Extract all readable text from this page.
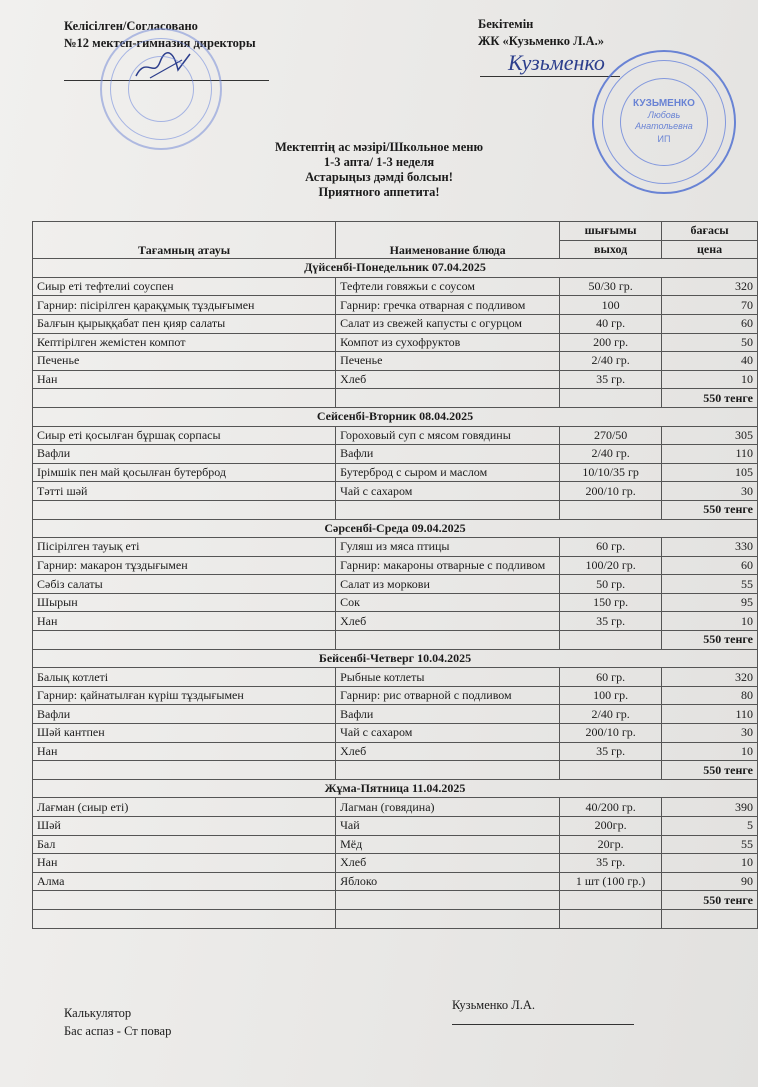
Келісілген/Согласовано
№12 мектеп-гимназия директоры
Бекітемін
ЖК «Кузьменко Л.А.»
Кузьменко
КУЗЬМЕНКО
Любовь
Анатольевна
ИП
Мектептің ас мәзірі/Школьное меню
1-3 апта/ 1-3 неделя
Астарыңыз дәмді болсын!
Приятного аппетита!
Тағамның атауы	Наименование блюда	шығымы	бағасы
		выход	цена
Дүйсенбі-Понедельник 07.04.2025			
Сиыр еті тефтелиі соуспен	Тефтели говяжьи с соусом	50/30 гр.	320
Гарнир: пісірілген қарақұмық тұздығымен	Гарнир: гречка отварная с подливом	100	70
Балғын қырыққабат пен қияр салаты	Салат из свежей капусты с огурцом	40 гр.	60
Кептірілген жемістен компот	Компот из сухофруктов	200 гр.	50
Печенье	Печенье	2/40 гр.	40
Нан	Хлеб	35 гр.	10
			550 тенге
Сейсенбі-Вторник 08.04.2025			
Сиыр еті қосылған бұршақ сорпасы	Гороховый суп с мясом говядины	270/50	305
Вафли	Вафли	2/40 гр.	110
Ірімшік пен май қосылған бутерброд	Бутерброд с сыром и маслом	10/10/35 гр	105
Тәтті шәй	Чай с сахаром	200/10 гр.	30
			550 тенге
Сәрсенбі-Среда 09.04.2025			
Пісірілген тауық еті	Гуляш из мяса птицы	60 гр.	330
Гарнир: макарон тұздығымен	Гарнир: макароны отварные с подливом	100/20 гр.	60
Сәбіз салаты	Салат из моркови	50 гр.	55
Шырын	Сок	150 гр.	95
Нан	Хлеб	35 гр.	10
			550 тенге
Бейсенбі-Четверг 10.04.2025			
Балық котлеті	Рыбные котлеты	60 гр.	320
Гарнир: қайнатылған күріш тұздығымен	Гарнир: рис отварной с подливом	100 гр.	80
Вафли	Вафли	2/40 гр.	110
Шәй кантпен	Чай с сахаром	200/10 гр.	30
Нан	Хлеб	35 гр.	10
			550 тенге
Жұма-Пятница 11.04.2025			
Лағман (сиыр еті)	Лагман (говядина)	40/200 гр.	390
Шәй	Чай	200гр.	5
Бал	Мёд	20гр.	55
Нан	Хлеб	35 гр.	10
Алма	Яблоко	1 шт (100 гр.)	90
			550 тенге

Калькулятор
Бас аспаз - Ст повар
Кузьменко Л.А.
